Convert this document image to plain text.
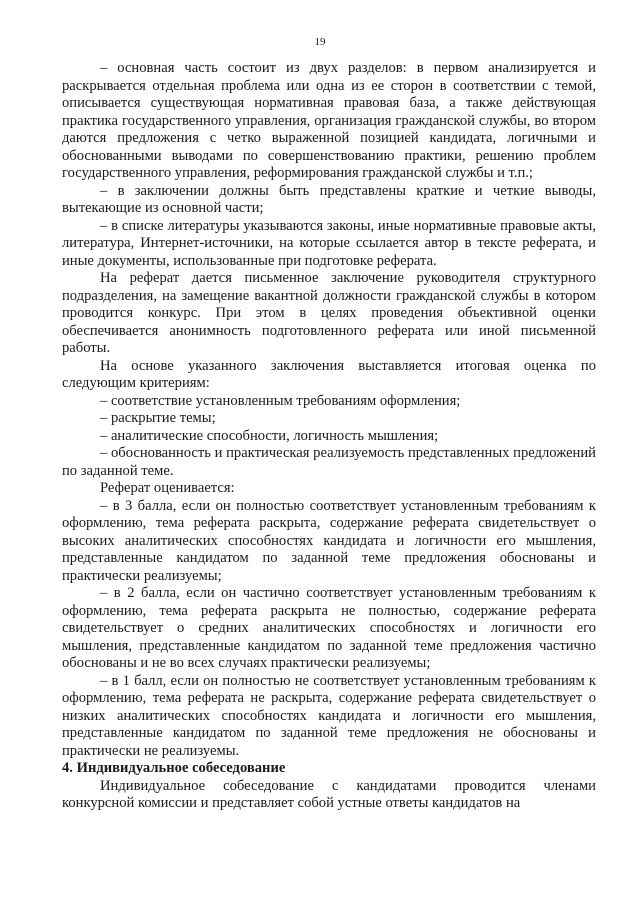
19

– основная часть состоит из двух разделов: в первом анализируется и раскрывается отдельная проблема или одна из ее сторон в соответствии с темой, описывается существующая нормативная правовая база, а также действующая практика государственного управления, организация гражданской службы, во втором даются предложения с четко выраженной позицией кандидата, логичными и обоснованными выводами по совершенствованию практики, решению проблем государственного управления, реформирования гражданской службы и т.п.;

– в заключении должны быть представлены краткие и четкие выводы, вытекающие из основной части;

– в списке литературы указываются законы, иные нормативные правовые акты, литература, Интернет-источники, на которые ссылается автор в тексте реферата, и иные документы, использованные при подготовке реферата.

На реферат дается письменное заключение руководителя структурного подразделения, на замещение вакантной должности гражданской службы в котором проводится конкурс. При этом в целях проведения объективной оценки обеспечивается анонимность подготовленного реферата или иной письменной работы.

На основе указанного заключения выставляется итоговая оценка по следующим критериям:

– соответствие установленным требованиям оформления;

– раскрытие темы;

– аналитические способности, логичность мышления;

– обоснованность и практическая реализуемость представленных предложений по заданной теме.

Реферат оценивается:

– в 3 балла, если он полностью соответствует установленным требованиям к оформлению, тема реферата раскрыта, содержание реферата свидетельствует о высоких аналитических способностях кандидата и логичности его мышления, представленные кандидатом по заданной теме предложения обоснованы и практически реализуемы;

– в 2 балла, если он частично соответствует установленным требованиям к оформлению, тема реферата раскрыта не полностью, содержание реферата свидетельствует о средних аналитических способностях и логичности его мышления, представленные кандидатом по заданной теме предложения частично обоснованы и не во всех случаях практически реализуемы;

– в 1 балл, если он полностью не соответствует установленным требованиям к оформлению, тема реферата не раскрыта, содержание реферата свидетельствует о низких аналитических способностях кандидата и логичности его мышления, представленные кандидатом по заданной теме предложения не обоснованы и практически не реализуемы.

4. Индивидуальное собеседование

Индивидуальное собеседование с кандидатами проводится членами конкурсной комиссии и представляет собой устные ответы кандидатов на
